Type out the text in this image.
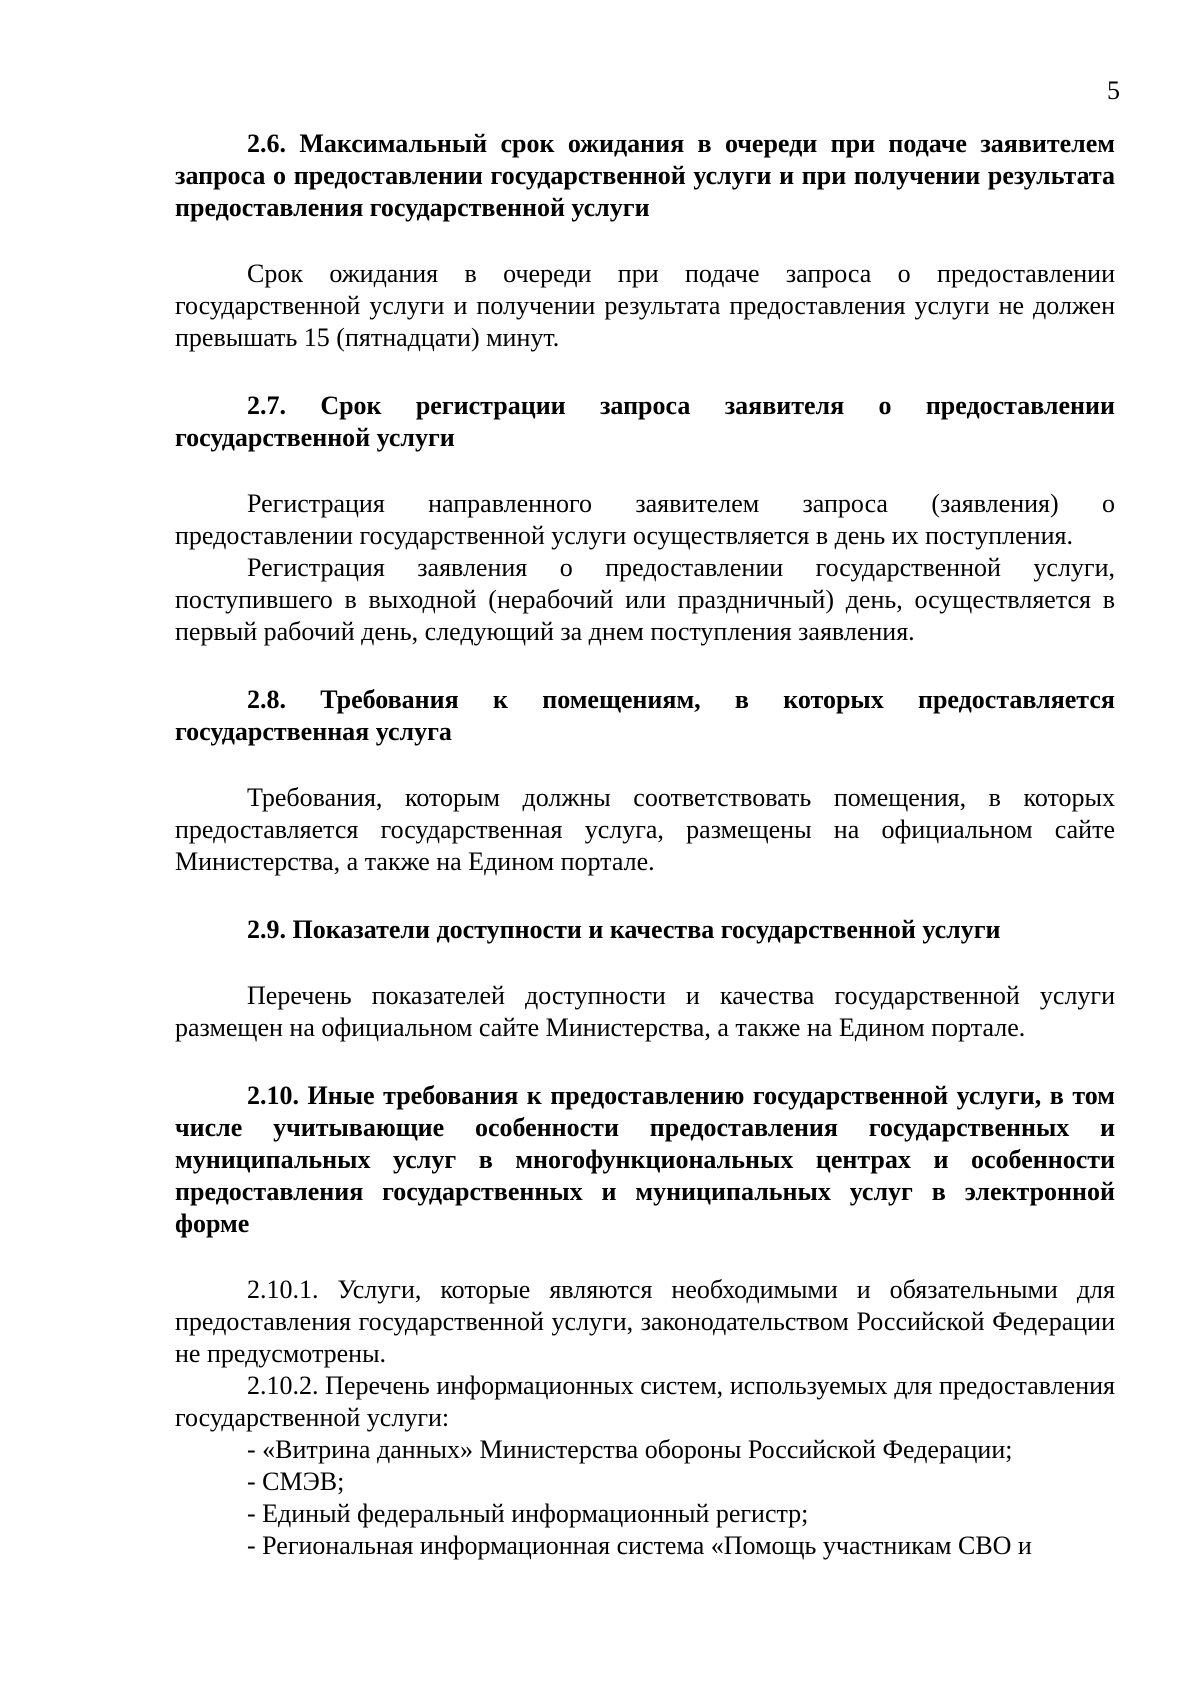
5

2.6. Максимальный срок ожидания в очереди при подаче заявителем запроса о предоставлении государственной услуги и при получении результата предоставления государственной услуги

Срок ожидания в очереди при подаче запроса о предоставлении государственной услуги и получении результата предоставления услуги не должен превышать 15 (пятнадцати) минут.

2.7. Срок регистрации запроса заявителя о предоставлении государственной услуги

Регистрация направленного заявителем запроса (заявления) о предоставлении государственной услуги осуществляется в день их поступления.

Регистрация заявления о предоставлении государственной услуги, поступившего в выходной (нерабочий или праздничный) день, осуществляется в первый рабочий день, следующий за днем поступления заявления.

2.8. Требования к помещениям, в которых предоставляется государственная услуга

Требования, которым должны соответствовать помещения, в которых предоставляется государственная услуга, размещены на официальном сайте Министерства, а также на Едином портале.

2.9. Показатели доступности и качества государственной услуги

Перечень показателей доступности и качества государственной услуги размещен на официальном сайте Министерства, а также на Едином портале.

2.10. Иные требования к предоставлению государственной услуги, в том числе учитывающие особенности предоставления государственных и муниципальных услуг в многофункциональных центрах и особенности предоставления государственных и муниципальных услуг в электронной форме

2.10.1. Услуги, которые являются необходимыми и обязательными для предоставления государственной услуги, законодательством Российской Федерации не предусмотрены.

2.10.2. Перечень информационных систем, используемых для предоставления государственной услуги:

- «Витрина данных» Министерства обороны Российской Федерации;

- СМЭВ;

- Единый федеральный информационный регистр;

- Региональная информационная система «Помощь участникам СВО и
